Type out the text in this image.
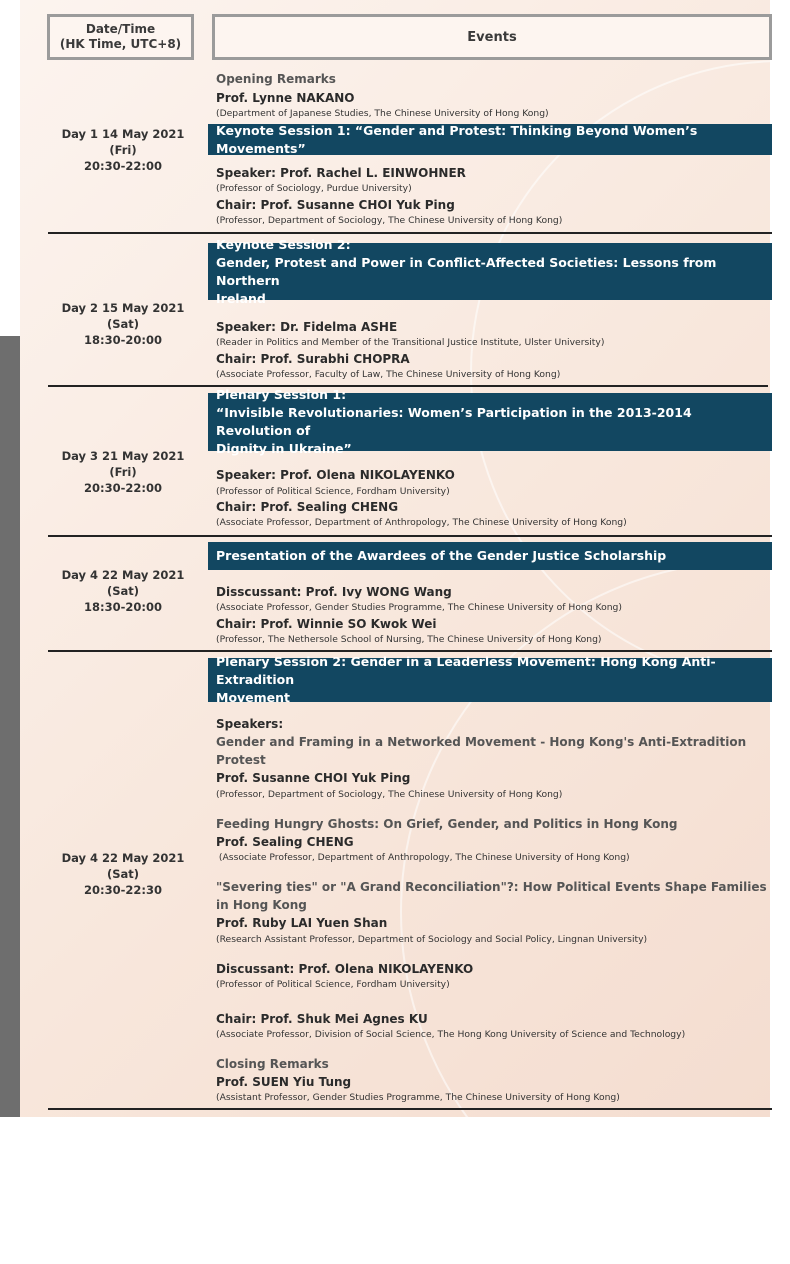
Date/Time
(HK Time, UTC+8)	Events
Day 1 14 May 2021 (Fri)
20:30-22:00
Opening Remarks
Prof. Lynne NAKANO
(Department of Japanese Studies, The Chinese University of Hong Kong)
Keynote Session 1: “Gender and Protest: Thinking Beyond Women’s Movements”
Speaker: Prof. Rachel L. EINWOHNER
(Professor of Sociology, Purdue University)
Chair: Prof. Susanne CHOI Yuk Ping
(Professor, Department of Sociology, The Chinese University of Hong Kong)
Day 2 15 May 2021 (Sat)
18:30-20:00
Keynote Session 2:
Gender, Protest and Power in Conflict-Affected Societies: Lessons from Northern
Ireland
Speaker: Dr. Fidelma ASHE
(Reader in Politics and Member of the Transitional Justice Institute, Ulster University)
Chair: Prof. Surabhi CHOPRA
(Associate Professor, Faculty of Law, The Chinese University of Hong Kong)
Day 3 21 May 2021 (Fri)
20:30-22:00
Plenary Session 1:
“Invisible Revolutionaries: Women’s Participation in the 2013-2014 Revolution of
Dignity in Ukraine”
Speaker: Prof. Olena NIKOLAYENKO
(Professor of Political Science, Fordham University)
Chair: Prof. Sealing CHENG
(Associate Professor, Department of Anthropology, The Chinese University of Hong Kong)
Day 4 22 May 2021 (Sat)
18:30-20:00
Presentation of the Awardees of the Gender Justice Scholarship
Disscussant: Prof. Ivy WONG Wang
(Associate Professor, Gender Studies Programme, The Chinese University of Hong Kong)
Chair: Prof. Winnie SO Kwok Wei
(Professor, The Nethersole School of Nursing, The Chinese University of Hong Kong)
Day 4 22 May 2021 (Sat)
20:30-22:30
Plenary Session 2: Gender in a Leaderless Movement: Hong Kong Anti-Extradition
Movement
Speakers:
Gender and Framing in a Networked Movement - Hong Kong's Anti-Extradition
Protest
Prof. Susanne CHOI Yuk Ping
(Professor, Department of Sociology, The Chinese University of Hong Kong)
Feeding Hungry Ghosts: On Grief, Gender, and Politics in Hong Kong
Prof. Sealing CHENG
(Associate Professor, Department of Anthropology, The Chinese University of Hong Kong)
"Severing ties" or "A Grand Reconciliation"?: How Political Events Shape Families
in Hong Kong
Prof. Ruby LAI Yuen Shan
(Research Assistant Professor, Department of Sociology and Social Policy, Lingnan University)
Discussant: Prof. Olena NIKOLAYENKO
(Professor of Political Science, Fordham University)
Chair: Prof. Shuk Mei Agnes KU
(Associate Professor, Division of Social Science, The Hong Kong University of Science and Technology)
Closing Remarks
Prof. SUEN Yiu Tung
(Assistant Professor, Gender Studies Programme, The Chinese University of Hong Kong)
